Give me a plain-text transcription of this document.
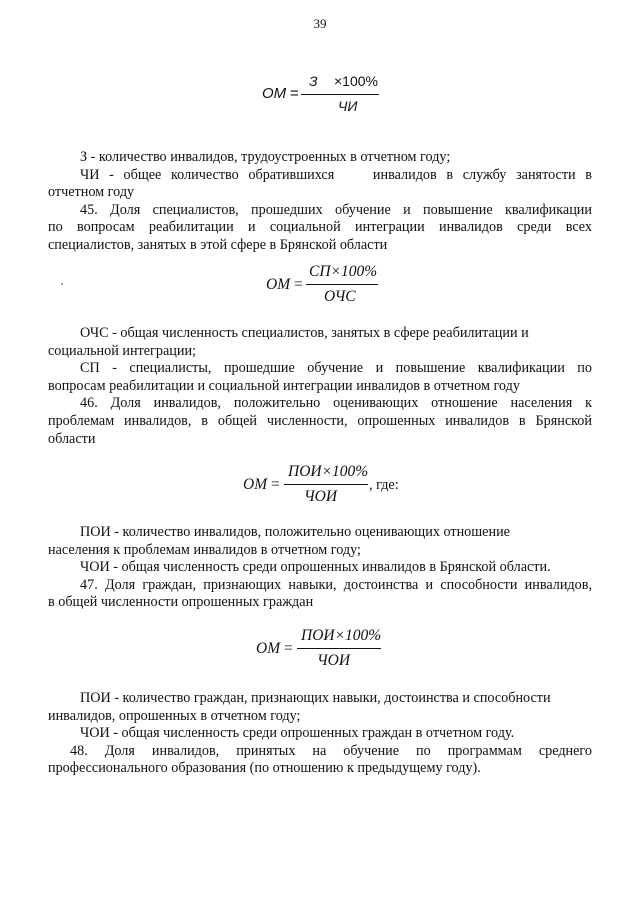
39
ОМ =
З ×100%
ЧИ
З - количество инвалидов, трудоустроенных в отчетном году;
ЧИ - общее количество обратившихся    инвалидов в службу занятости в
отчетном году
45. Доля специалистов, прошедших обучение и повышение квалификации
по вопросам реабилитации и социальной интеграции инвалидов среди всех
специалистов, занятых в этой сфере в Брянской области
ОМ =
СП×100%
ОЧС
ОЧС - общая численность специалистов, занятых в сфере реабилитации и
социальной интеграции;
СП - специалисты, прошедшие обучение и повышение квалификации по
вопросам реабилитации и социальной интеграции инвалидов в отчетном году
46. Доля инвалидов, положительно оценивающих отношение населения к
проблемам инвалидов, в общей численности, опрошенных инвалидов в Брянской
области
ОМ =
ПОИ×100%
ЧОИ
, где:
ПОИ - количество инвалидов, положительно оценивающих отношение
населения к проблемам инвалидов в отчетном году;
ЧОИ - общая численность среди опрошенных инвалидов в Брянской области.
47. Доля граждан, признающих навыки, достоинства и способности инвалидов,
в общей численности опрошенных граждан
ОМ =
ПОИ×100%
ЧОИ
ПОИ - количество граждан, признающих навыки, достоинства и способности
инвалидов, опрошенных в отчетном году;
ЧОИ - общая численность среди опрошенных граждан в отчетном году.
48. Доля инвалидов, принятых на обучение по программам среднего
профессионального образования (по отношению к предыдущему году).
